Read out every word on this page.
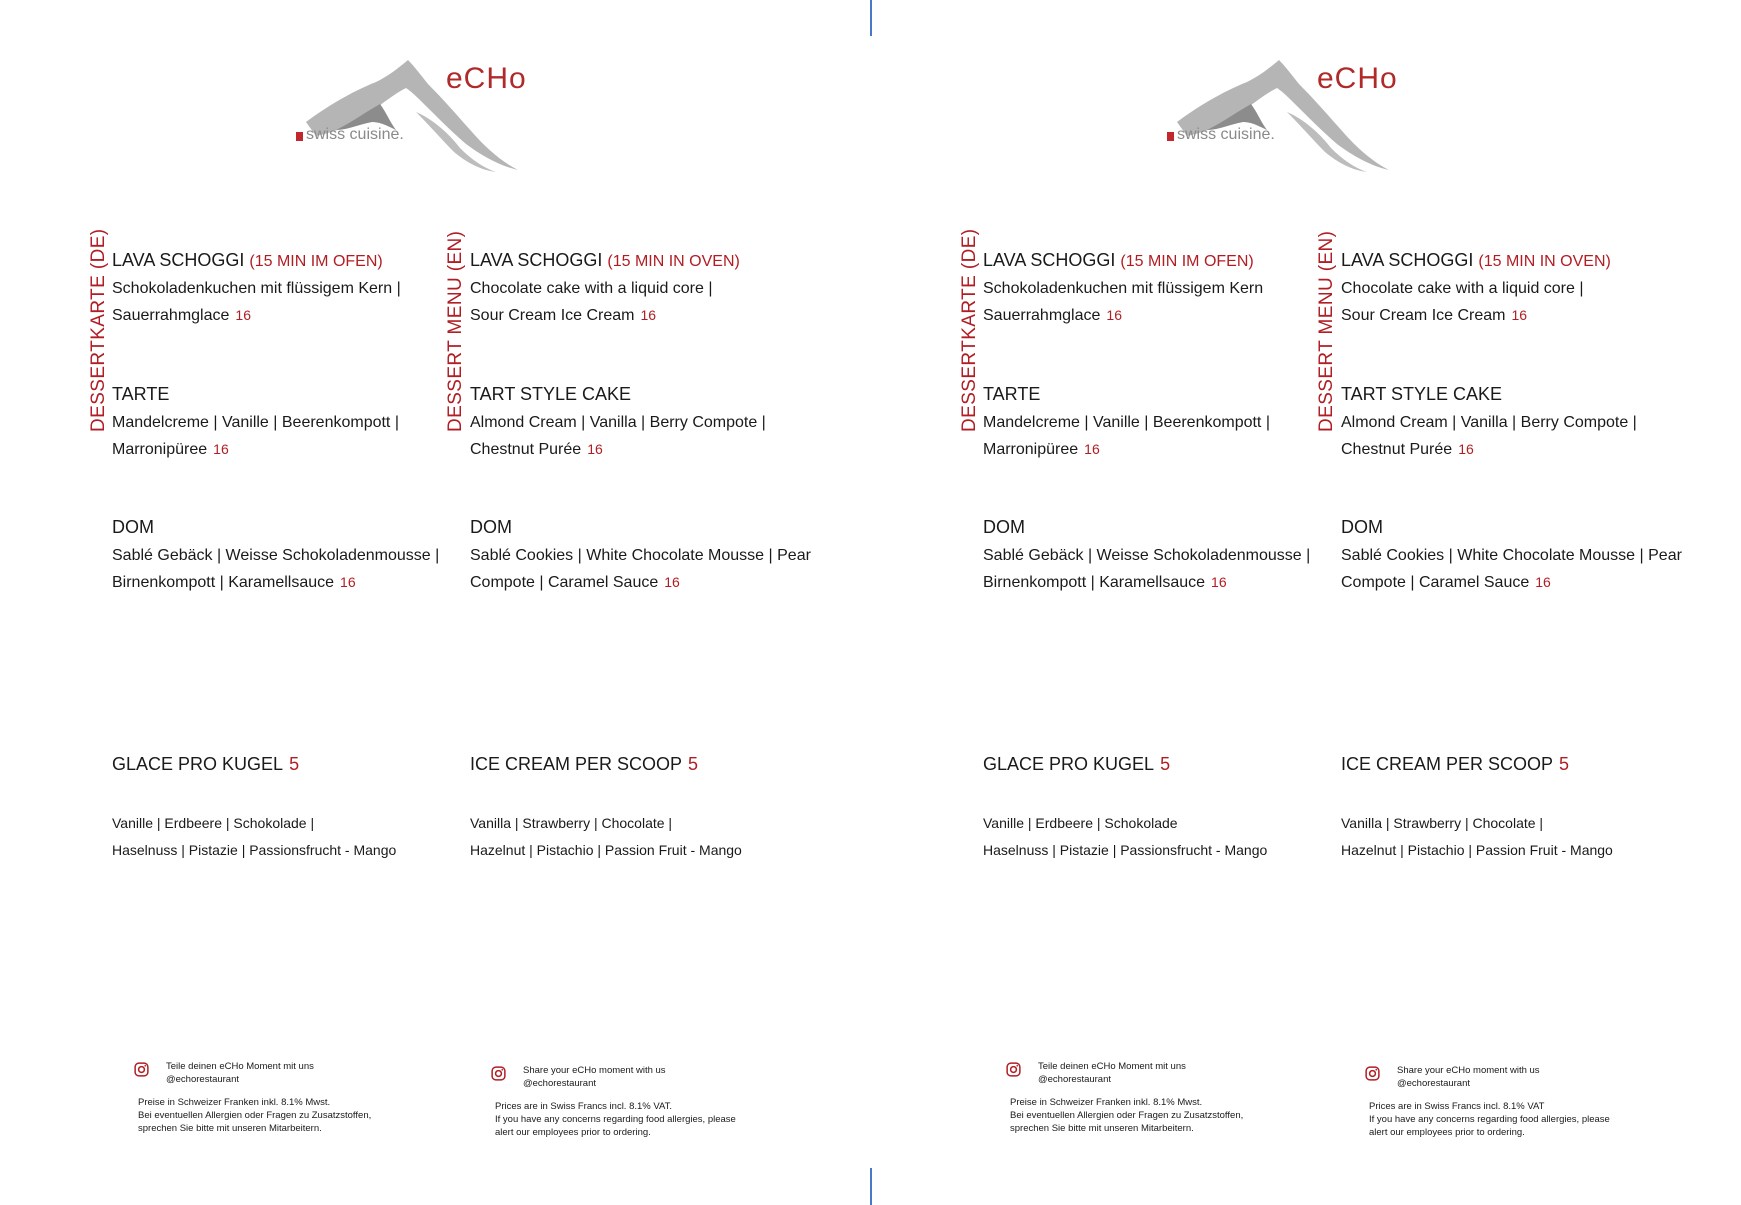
eCHo
swiss cuisine.
DESSERTKARTE (DE)	DESSERT MENU (EN)
LAVA SCHOGGI (15 MIN IM OFEN)
Schokoladenkuchen mit flüssigem Kern |
Sauerrahmglace 16
TARTE
Mandelcreme | Vanille | Beerenkompott |
Marronipüree 16
DOM
Sablé Gebäck | Weisse Schokoladenmousse |
Birnenkompott | Karamellsauce 16
GLACE PRO KUGEL 5
Vanille | Erdbeere | Schokolade |
Haselnuss | Pistazie | Passionsfrucht - Mango
LAVA SCHOGGI (15 MIN IN OVEN)
Chocolate cake with a liquid core |
Sour Cream Ice Cream 16
TART STYLE CAKE
Almond Cream | Vanilla | Berry Compote |
Chestnut Purée 16
DOM
Sablé Cookies | White Chocolate Mousse | Pear
Compote | Caramel Sauce 16
ICE CREAM PER SCOOP 5
Vanilla | Strawberry | Chocolate |
Hazelnut | Pistachio | Passion Fruit - Mango
Teile deinen eCHo Moment mit uns
@echorestaurant
Preise in Schweizer Franken inkl. 8.1% Mwst.
Bei eventuellen Allergien oder Fragen zu Zusatzstoffen,
sprechen Sie bitte mit unseren Mitarbeitern.
Share your eCHo moment with us
@echorestaurant
Prices are in Swiss Francs incl. 8.1% VAT.
If you have any concerns regarding food allergies, please
alert our employees prior to ordering.
eCHo
swiss cuisine.
DESSERTKARTE (DE)	DESSERT MENU (EN)
LAVA SCHOGGI (15 MIN IM OFEN)
Schokoladenkuchen mit flüssigem Kern
Sauerrahmglace 16
TARTE
Mandelcreme | Vanille | Beerenkompott |
Marronipüree 16
DOM
Sablé Gebäck | Weisse Schokoladenmousse |
Birnenkompott | Karamellsauce 16
GLACE PRO KUGEL 5
Vanille | Erdbeere | Schokolade
Haselnuss | Pistazie | Passionsfrucht - Mango
LAVA SCHOGGI (15 MIN IN OVEN)
Chocolate cake with a liquid core |
Sour Cream Ice Cream 16
TART STYLE CAKE
Almond Cream | Vanilla | Berry Compote |
Chestnut Purée 16
DOM
Sablé Cookies | White Chocolate Mousse | Pear
Compote | Caramel Sauce 16
ICE CREAM PER SCOOP 5
Vanilla | Strawberry | Chocolate |
Hazelnut | Pistachio | Passion Fruit - Mango
Teile deinen eCHo Moment mit uns
@echorestaurant
Preise in Schweizer Franken inkl. 8.1% Mwst.
Bei eventuellen Allergien oder Fragen zu Zusatzstoffen,
sprechen Sie bitte mit unseren Mitarbeitern.
Share your eCHo moment with us
@echorestaurant
Prices are in Swiss Francs incl. 8.1% VAT
If you have any concerns regarding food allergies, please
alert our employees prior to ordering.
